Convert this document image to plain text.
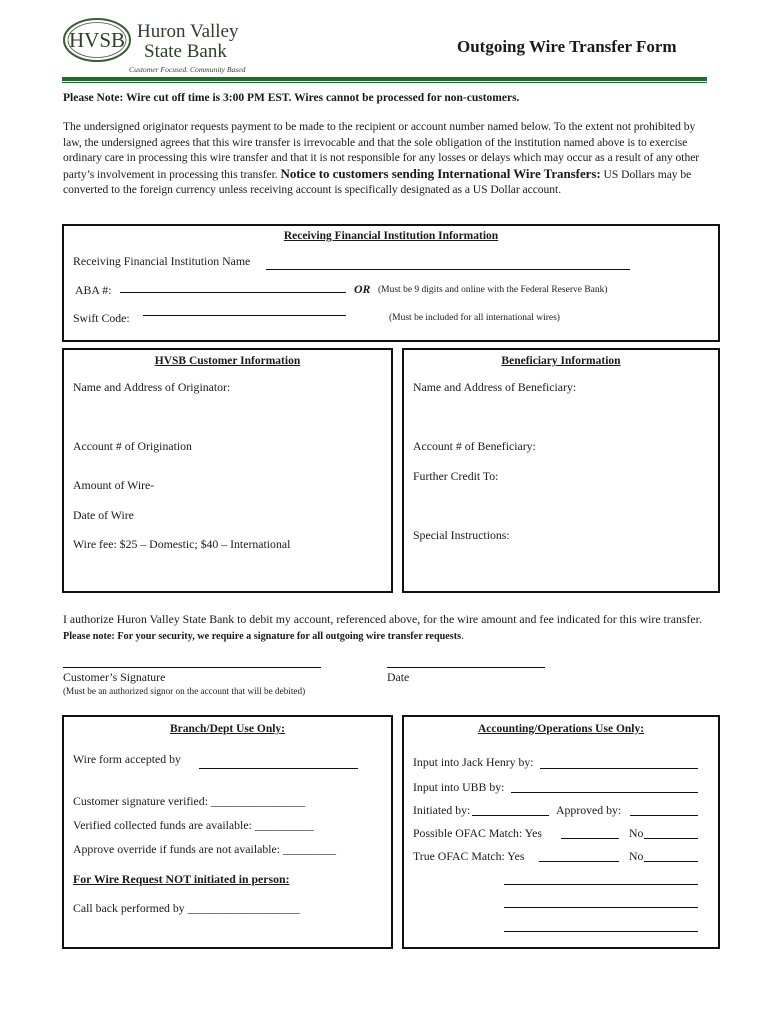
HVSB Huron Valley
State Bank
Customer Focused. Community Based
Outgoing Wire Transfer Form
Please Note: Wire cut off time is 3:00 PM EST. Wires cannot be processed for non-customers.
The undersigned originator requests payment to be made to the recipient or account number named below. To the extent not prohibited by law, the undersigned agrees that this wire transfer is irrevocable and that the sole obligation of the institution named above is to exercise ordinary care in processing this wire transfer and that it is not responsible for any losses or delays which may occur as a result of any other party’s involvement in processing this transfer. Notice to customers sending International Wire Transfers: US Dollars may be converted to the foreign currency unless receiving account is specifically designated as a US Dollar account.
Receiving Financial Institution Information
Receiving Financial Institution Name
ABA #:	OR (Must be 9 digits and online with the Federal Reserve Bank)
Swift Code:	(Must be included for all international wires)
HVSB Customer Information
Name and Address of Originator:
Account # of Origination
Amount of Wire-
Date of Wire
Wire fee: $25 – Domestic; $40 – International
Beneficiary Information
Name and Address of Beneficiary:
Account # of Beneficiary:
Further Credit To:
Special Instructions:
I authorize Huron Valley State Bank to debit my account, referenced above, for the wire amount and fee indicated for this wire transfer. Please note: For your security, we require a signature for all outgoing wire transfer requests.
Customer’s Signature	Date
(Must be an authorized signor on the account that will be debited)
Branch/Dept Use Only:
Wire form accepted by
Customer signature verified: ________________
Verified collected funds are available: __________
Approve override if funds are not available: _________
For Wire Request NOT initiated in person:
Call back performed by ___________________
Accounting/Operations Use Only:
Input into Jack Henry by:
Input into UBB by:
Initiated by:	Approved by:
Possible OFAC Match: Yes	No
True OFAC Match: Yes	No
